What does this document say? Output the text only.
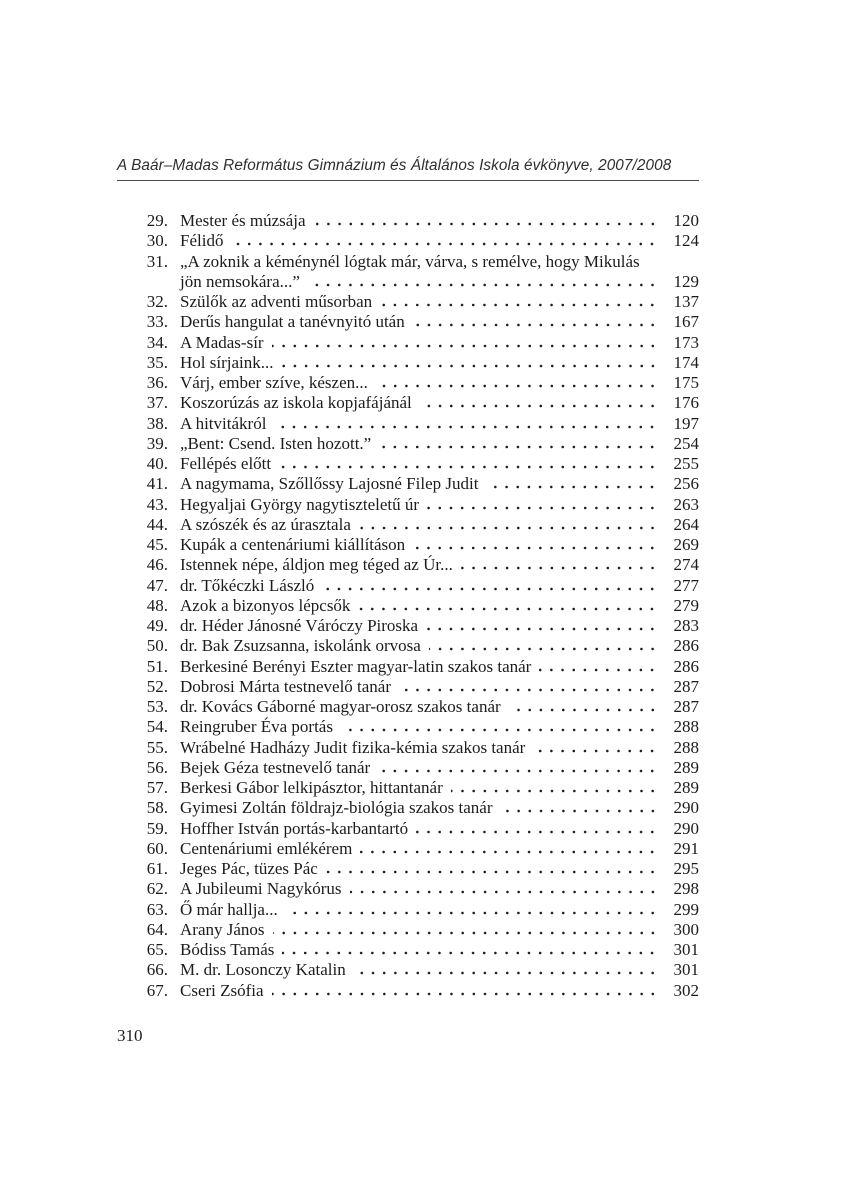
A Baár–Madas Református Gimnázium és Általános Iskola évkönyve, 2007/2008
29. Mester és múzsája	120
30. Félidő	124
31. „A zoknik a kéménynél lógtak már, várva, s remélve, hogy Mikulás
jön nemsokára...”	129
32. Szülők az adventi műsorban	137
33. Derűs hangulat a tanévnyitó után	167
34. A Madas-sír	173
35. Hol sírjaink...	174
36. Várj, ember szíve, készen...	175
37. Koszorúzás az iskola kopjafájánál	176
38. A hitvitákról	197
39. „Bent: Csend. Isten hozott.”	254
40. Fellépés előtt	255
41. A nagymama, Szőllőssy Lajosné Filep Judit	256
43. Hegyaljai György nagytiszteletű úr	263
44. A szószék és az úrasztala	264
45. Kupák a centenáriumi kiállításon	269
46. Istennek népe, áldjon meg téged az Úr...	274
47. dr. Tőkéczki László	277
48. Azok a bizonyos lépcsők	279
49. dr. Héder Jánosné Váróczy Piroska	283
50. dr. Bak Zsuzsanna, iskolánk orvosa	286
51. Berkesiné Berényi Eszter magyar-latin szakos tanár	286
52. Dobrosi Márta testnevelő tanár	287
53. dr. Kovács Gáborné magyar-orosz szakos tanár	287
54. Reingruber Éva portás	288
55. Wrábelné Hadházy Judit fizika-kémia szakos tanár	288
56. Bejek Géza testnevelő tanár	289
57. Berkesi Gábor lelkipásztor, hittantanár	289
58. Gyimesi Zoltán földrajz-biológia szakos tanár	290
59. Hoffher István portás-karbantartó	290
60. Centenáriumi emlékérem	291
61. Jeges Pác, tüzes Pác	295
62. A Jubileumi Nagykórus	298
63. Ő már hallja...	299
64. Arany János	300
65. Bódiss Tamás	301
66. M. dr. Losonczy Katalin	301
67. Cseri Zsófia	302
310
